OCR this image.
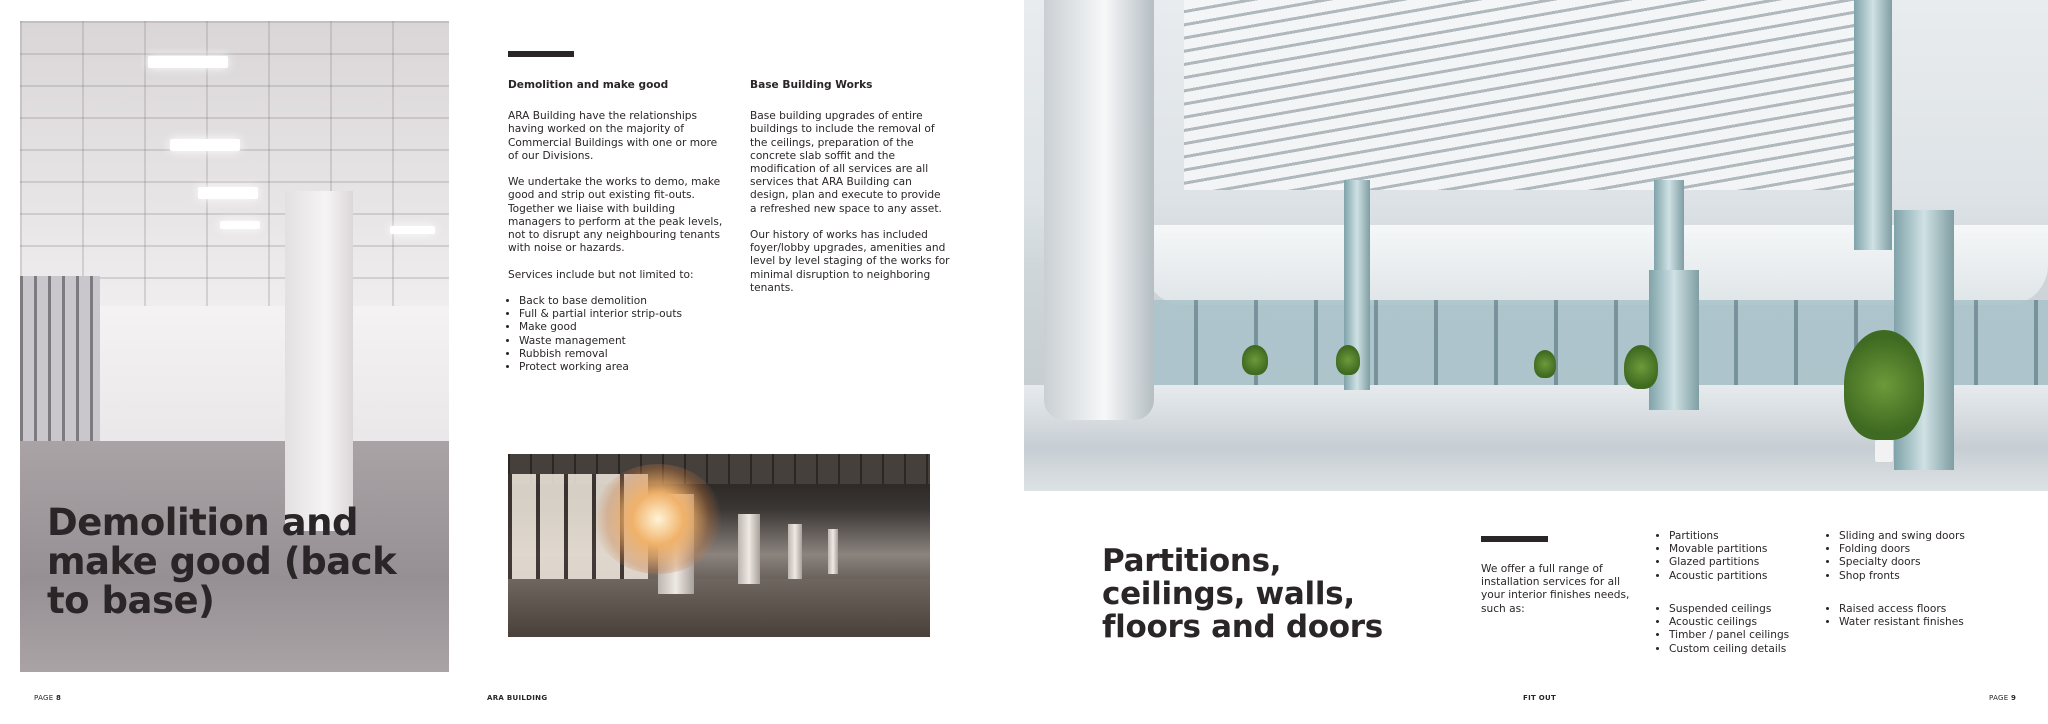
Demolition and make good (back to base)
Demolition and make good

ARA Building have the relationships having worked on the majority of Commercial Buildings with one or more of our Divisions.

We undertake the works to demo, make good and strip out existing fit-outs. Together we liaise with building managers to perform at the peak levels, not to disrupt any neighbouring tenants with noise or hazards.

Services include but not limited to:

• Back to base demolition
• Full & partial interior strip-outs
• Make good
• Waste management
• Rubbish removal
• Protect working area
Base Building Works

Base building upgrades of entire buildings to include the removal of the ceilings, preparation of the concrete slab soffit and the modification of all services are all services that ARA Building can design, plan and execute to provide a refreshed new space to any asset.

Our history of works has included foyer/lobby upgrades, amenities and level by level staging of the works for minimal disruption to neighboring tenants.

PAGE 8	ARA BUILDING
Partitions, ceilings, walls, floors and doors
We offer a full range of installation services for all your interior finishes needs, such as:
• Partitions
• Movable partitions
• Glazed partitions
• Acoustic partitions
• Suspended ceilings
• Acoustic ceilings
• Timber / panel ceilings
• Custom ceiling details
• Sliding and swing doors
• Folding doors
• Specialty doors
• Shop fronts
• Raised access floors
• Water resistant finishes
FIT OUT	PAGE 9
